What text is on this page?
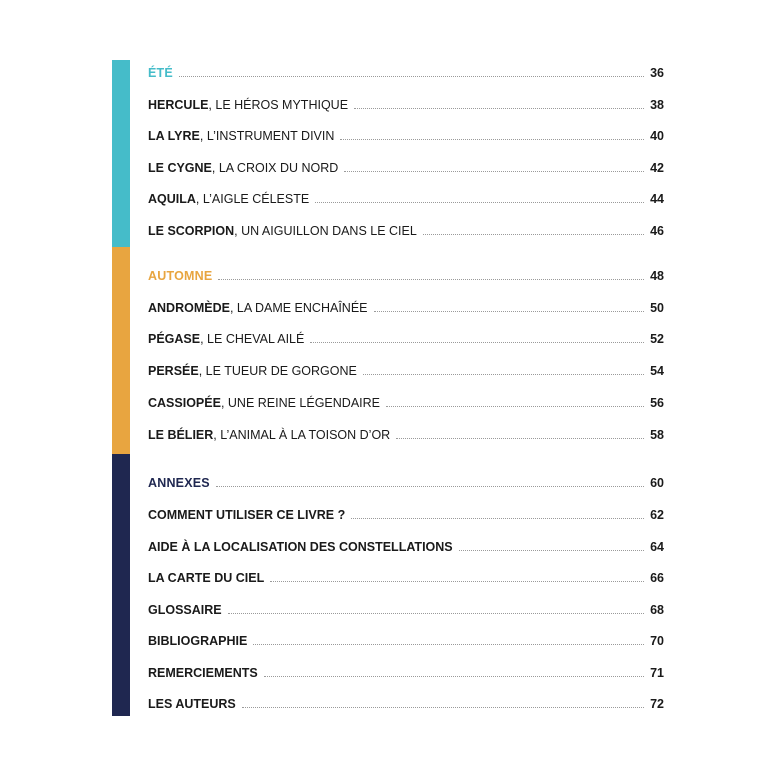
ÉTÉ	36
HERCULE , LE HÉROS MYTHIQUE	38
LA LYRE , L’INSTRUMENT DIVIN	40
LE CYGNE , LA CROIX DU NORD	42
AQUILA , L’AIGLE CÉLESTE	44
LE SCORPION , UN AIGUILLON DANS LE CIEL	46
AUTOMNE	48
ANDROMÈDE , LA DAME ENCHAÎNÉE	50
PÉGASE , LE CHEVAL AILÉ	52
PERSÉE , LE TUEUR DE GORGONE	54
CASSIOPÉE , UNE REINE LÉGENDAIRE	56
LE BÉLIER , L’ANIMAL À LA TOISON D’OR	58
ANNEXES	60
COMMENT UTILISER CE LIVRE ?	62
AIDE À LA LOCALISATION DES CONSTELLATIONS	64
LA CARTE DU CIEL	66
GLOSSAIRE	68
BIBLIOGRAPHIE	70
REMERCIEMENTS	71
LES AUTEURS	72
